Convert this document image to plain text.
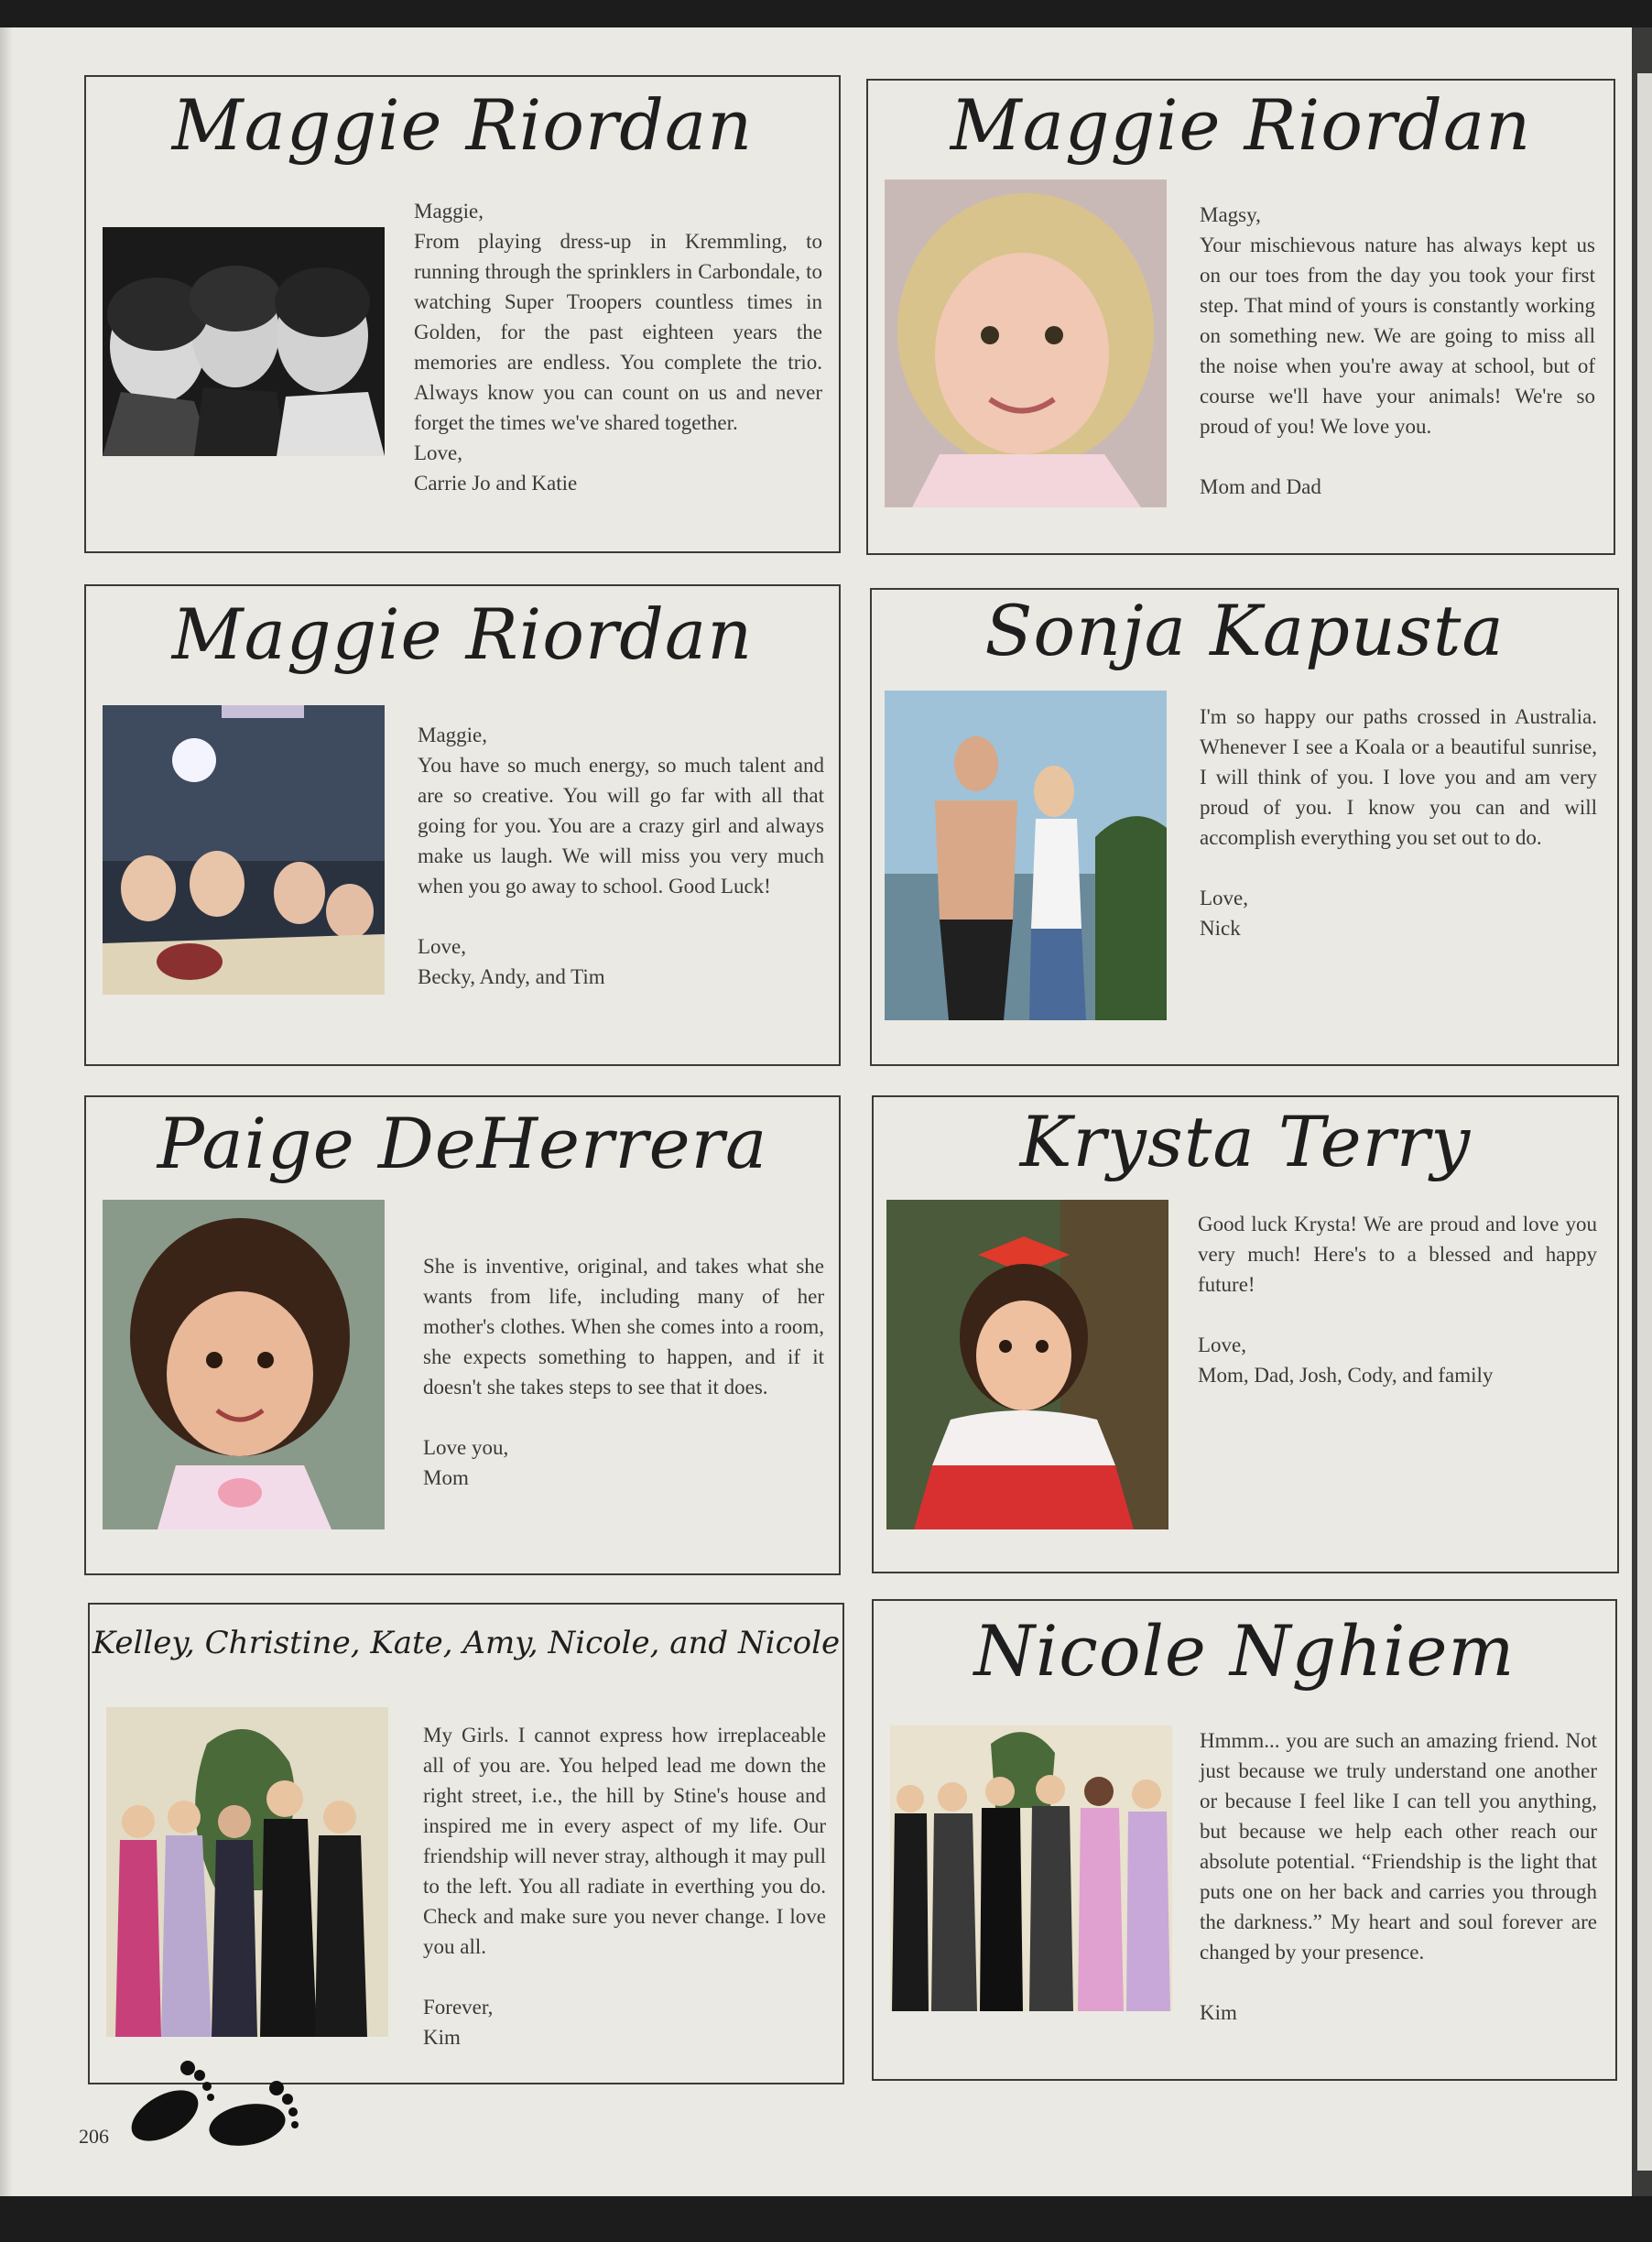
Maggie Riordan

Maggie,

From playing dress-up in Kremmling, to running through the sprinklers in Carbondale, to watching Super Troopers countless times in Golden, for the past eighteen years the memories are endless. You complete the trio. Always know you can count on us and never forget the times we've shared together.

Love,

Carrie Jo and Katie

Maggie Riordan

Magsy,

Your mischievous nature has always kept us on our toes from the day you took your first step. That mind of yours is constantly working on something new. We are going to miss all the noise when you're away at school, but of course we'll have your animals! We're so proud of you! We love you.

Mom and Dad

Maggie Riordan

Maggie,

You have so much energy, so much talent and are so creative. You will go far with all that going for you. You are a crazy girl and always make us laugh. We will miss you very much when you go away to school. Good Luck!

Love,

Becky, Andy, and Tim

Sonja Kapusta

I'm so happy our paths crossed in Australia. Whenever I see a Koala or a beautiful sunrise, I will think of you. I love you and am very proud of you. I know you can and will accomplish everything you set out to do.

Love,

Nick

Paige DeHerrera

She is inventive, original, and takes what she wants from life, including many of her mother's clothes. When she comes into a room, she expects something to happen, and if it doesn't she takes steps to see that it does.

Love you,

Mom

Krysta Terry

Good luck Krysta! We are proud and love you very much! Here's to a blessed and happy future!

Love,

Mom, Dad, Josh, Cody, and family

Kelley, Christine, Kate, Amy, Nicole, and Nicole

My Girls. I cannot express how irreplaceable all of you are. You helped lead me down the right street, i.e., the hill by Stine's house and inspired me in every aspect of my life. Our friendship will never stray, although it may pull to the left. You all radiate in everthing you do. Check and make sure you never change. I love you all.

Forever,

Kim

Nicole Nghiem

Hmmm... you are such an amazing friend. Not just because we truly understand one another or because I feel like I can tell you anything, but because we help each other reach our absolute potential. “Friendship is the light that puts one on her back and carries you through the darkness.” My heart and soul forever are changed by your presence.

Kim

206
